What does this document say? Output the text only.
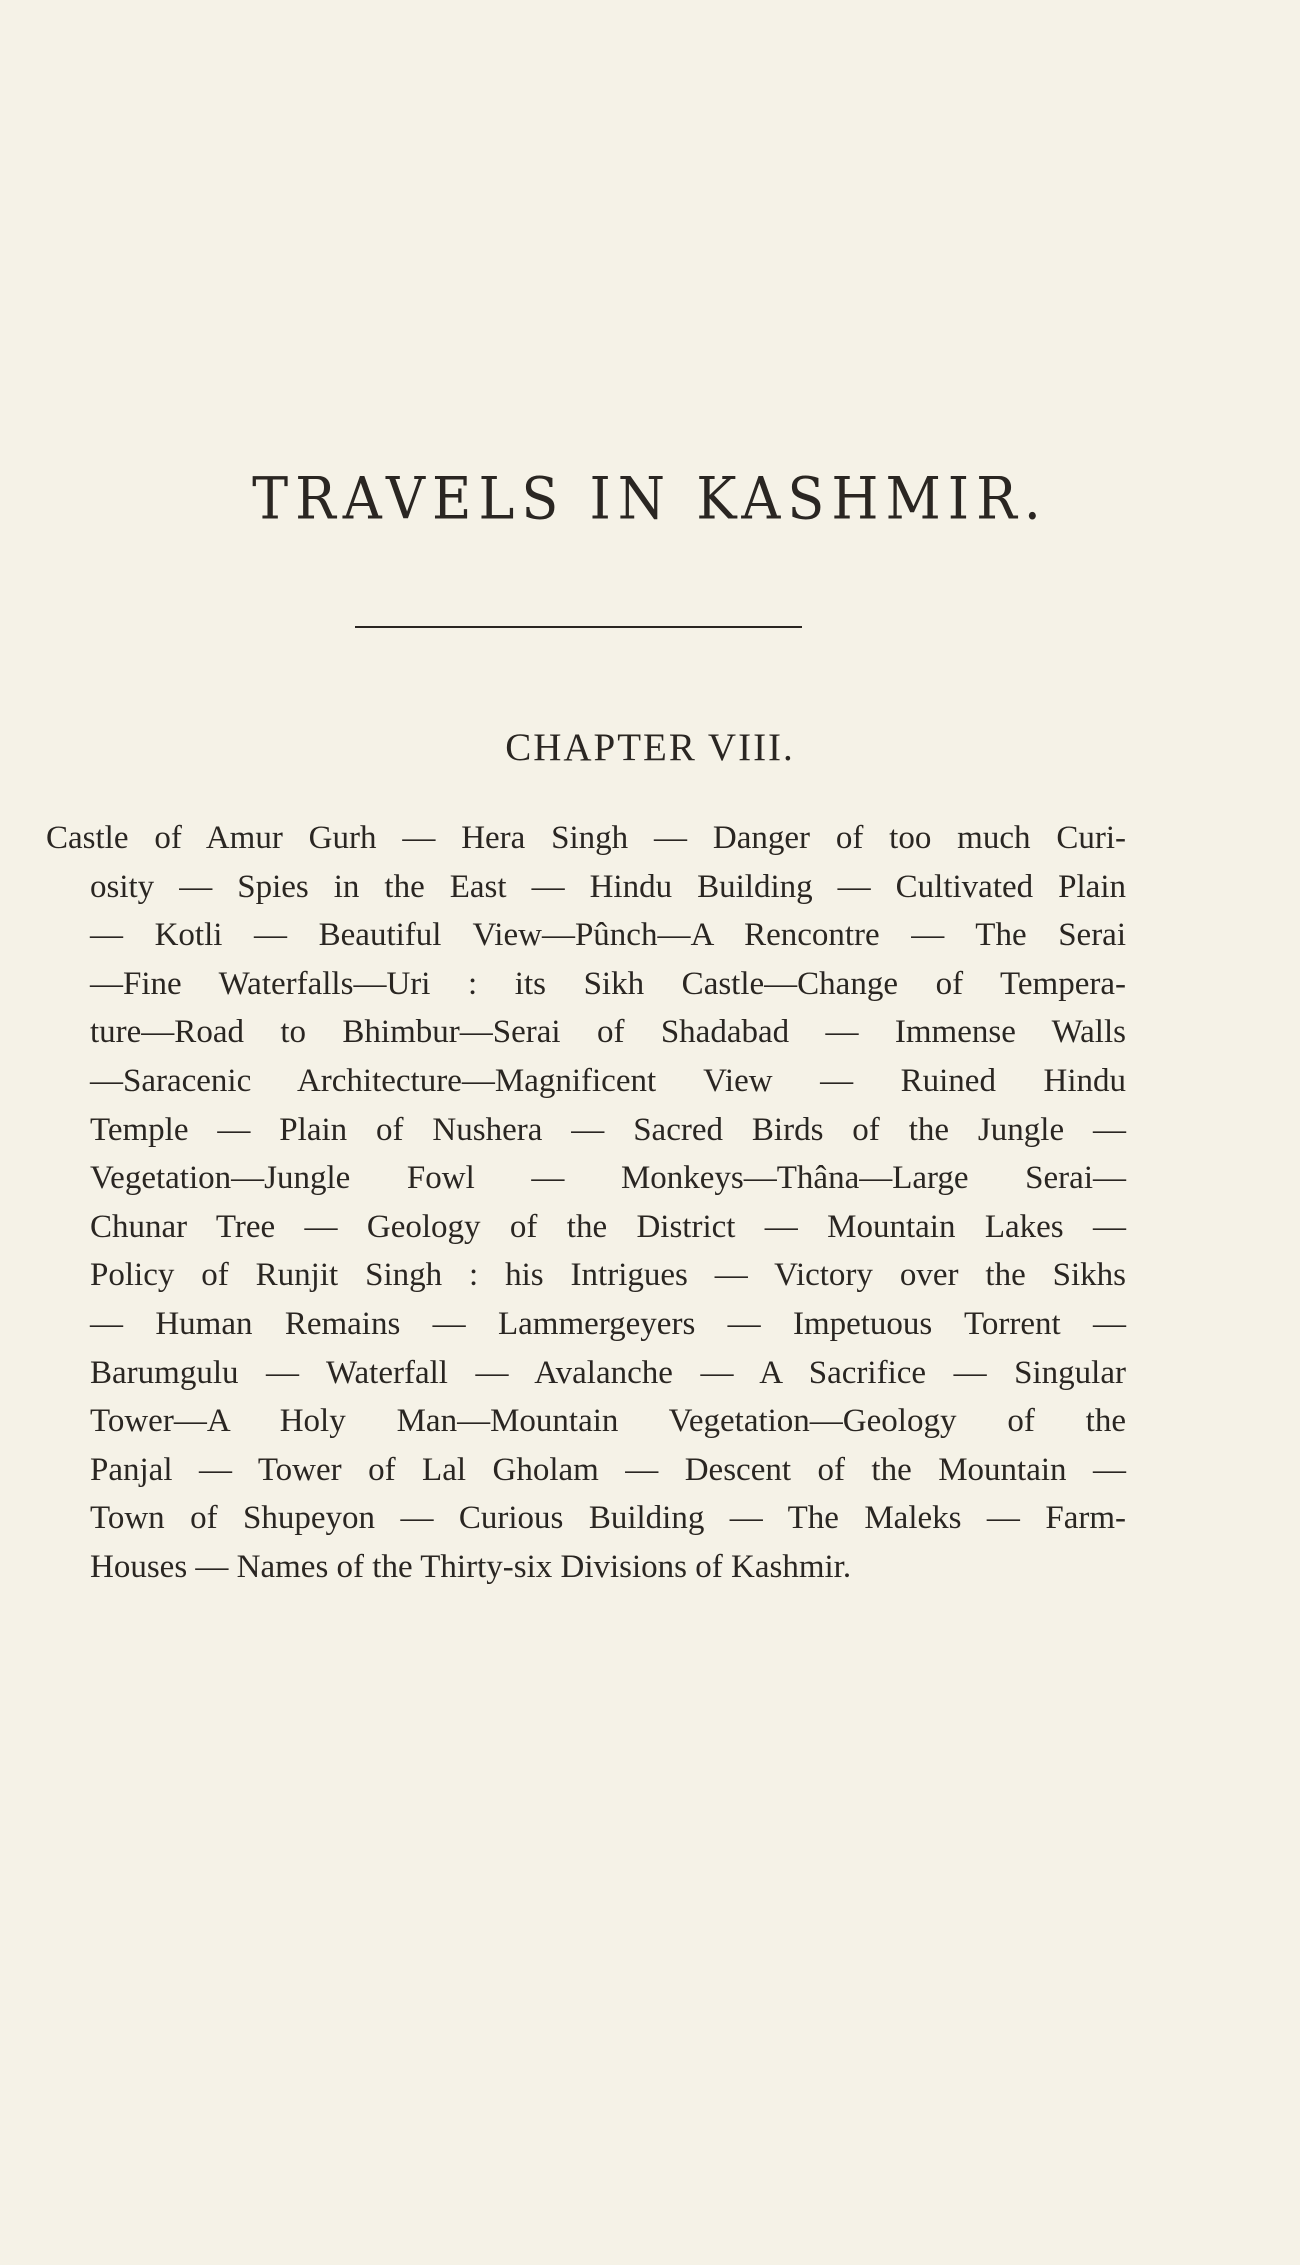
TRAVELS IN KASHMIR.
CHAPTER VIII.
Castle of Amur Gurh — Hera Singh — Danger of too much Curi-
osity — Spies in the East — Hindu Building — Cultivated Plain
— Kotli — Beautiful View—Pûnch—A Rencontre — The Serai
—Fine Waterfalls—Uri : its Sikh Castle—Change of Tempera-
ture—Road to Bhimbur—Serai of Shadabad — Immense Walls
—Saracenic Architecture—Magnificent View — Ruined Hindu
Temple — Plain of Nushera — Sacred Birds of the Jungle —
Vegetation—Jungle Fowl — Monkeys—Thâna—Large Serai—
Chunar Tree — Geology of the District — Mountain Lakes —
Policy of Runjit Singh : his Intrigues — Victory over the Sikhs
— Human Remains — Lammergeyers — Impetuous Torrent —
Barumgulu — Waterfall — Avalanche — A Sacrifice — Singular
Tower—A Holy Man—Mountain Vegetation—Geology of the
Panjal — Tower of Lal Gholam — Descent of the Mountain —
Town of Shupeyon — Curious Building — The Maleks — Farm-
Houses — Names of the Thirty-six Divisions of Kashmir.
